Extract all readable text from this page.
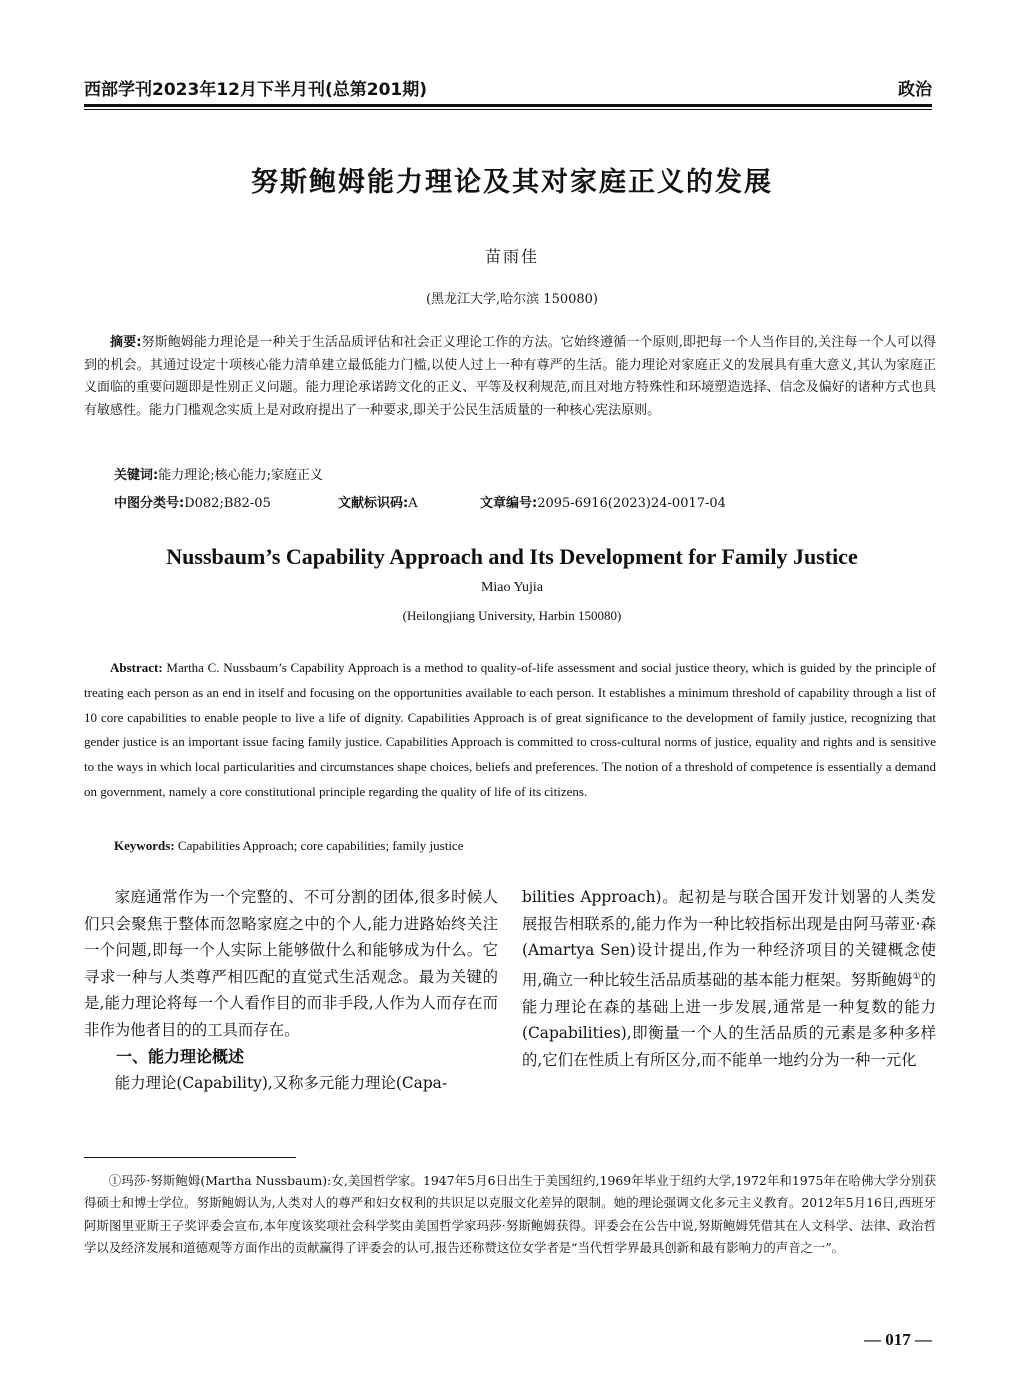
西部学刊2023年12月下半月刊(总第201期)	政治
努斯鲍姆能力理论及其对家庭正义的发展
苗雨佳
(黑龙江大学,哈尔滨 150080)
摘要:努斯鲍姆能力理论是一种关于生活品质评估和社会正义理论工作的方法。它始终遵循一个原则,即把每一个人当作目的,关注每一个人可以得到的机会。其通过设定十项核心能力清单建立最低能力门槛,以使人过上一种有尊严的生活。能力理论对家庭正义的发展具有重大意义,其认为家庭正义面临的重要问题即是性别正义问题。能力理论承诺跨文化的正义、平等及权利规范,而且对地方特殊性和环境塑造选择、信念及偏好的诸种方式也具有敏感性。能力门槛观念实质上是对政府提出了一种要求,即关于公民生活质量的一种核心宪法原则。
关键词:能力理论;核心能力;家庭正义
中图分类号:D082;B82-05	文献标识码:A	文章编号:2095-6916(2023)24-0017-04
Nussbaum’s Capability Approach and Its Development for Family Justice
Miao Yujia
(Heilongjiang University, Harbin 150080)
Abstract: Martha C. Nussbaum’s Capability Approach is a method to quality-of-life assessment and social justice theory, which is guided by the principle of treating each person as an end in itself and focusing on the opportunities available to each person. It establishes a minimum threshold of capability through a list of 10 core capabilities to enable people to live a life of dignity. Capabilities Approach is of great significance to the development of family justice, recognizing that gender justice is an important issue facing family justice. Capabilities Approach is committed to cross-cultural norms of justice, equality and rights and is sensitive to the ways in which local particularities and circumstances shape choices, beliefs and preferences. The notion of a threshold of competence is essentially a demand on government, namely a core constitutional principle regarding the quality of life of its citizens.
Keywords: Capabilities Approach; core capabilities; family justice

家庭通常作为一个完整的、不可分割的团体,很多时候人们只会聚焦于整体而忽略家庭之中的个人,能力进路始终关注一个问题,即每一个人实际上能够做什么和能够成为什么。它寻求一种与人类尊严相匹配的直觉式生活观念。最为关键的是,能力理论将每一个人看作目的而非手段,人作为人而存在而非作为他者目的的工具而存在。

一、能力理论概述

能力理论(Capability),又称多元能力理论(Capa-

bilities Approach)。起初是与联合国开发计划署的人类发展报告相联系的,能力作为一种比较指标出现是由阿马蒂亚·森(Amartya Sen)设计提出,作为一种经济项目的关键概念使用,确立一种比较生活品质基础的基本能力框架。努斯鲍姆①的能力理论在森的基础上进一步发展,通常是一种复数的能力(Capabilities),即衡量一个人的生活品质的元素是多种多样的,它们在性质上有所区分,而不能单一地约分为一种一元化

①玛莎·努斯鲍姆(Martha Nussbaum):女,美国哲学家。1947年5月6日出生于美国纽约,1969年毕业于纽约大学,1972年和1975年在哈佛大学分别获得硕士和博士学位。努斯鲍姆认为,人类对人的尊严和妇女权利的共识足以克服文化差异的限制。她的理论强调文化多元主义教育。2012年5月16日,西班牙阿斯图里亚斯王子奖评委会宣布,本年度该奖项社会科学奖由美国哲学家玛莎·努斯鲍姆获得。评委会在公告中说,努斯鲍姆凭借其在人文科学、法律、政治哲学以及经济发展和道德观等方面作出的贡献赢得了评委会的认可,报告还称赞这位女学者是“当代哲学界最具创新和最有影响力的声音之一”。
— 017 —
